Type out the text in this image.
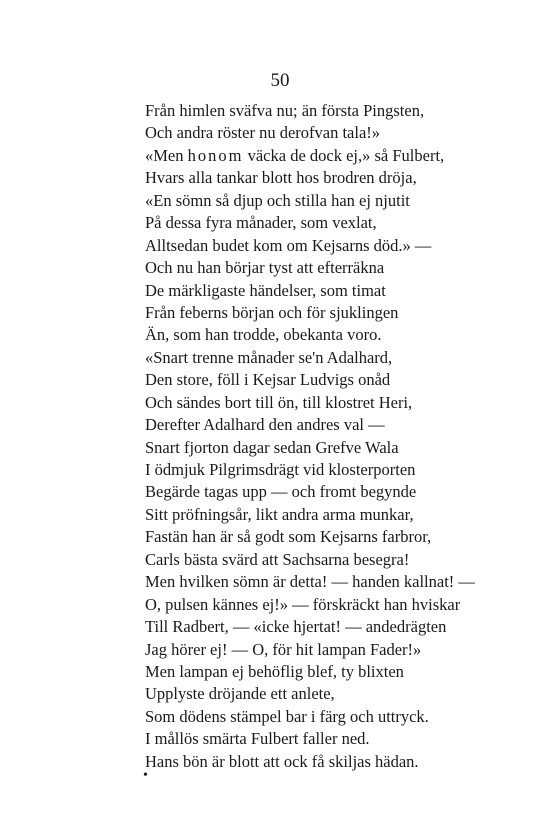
50
Från himlen sväfva nu; än första Pingsten,
Och andra röster nu derofvan tala!»
«Men honom väcka de dock ej,» så Fulbert,
Hvars alla tankar blott hos brodren dröja,
«En sömn så djup och stilla han ej njutit
På dessa fyra månader, som vexlat,
Alltsedan budet kom om Kejsarns död.» —
Och nu han börjar tyst att efterräkna
De märkligaste händelser, som timat
Från feberns början och för sjuklingen
Än, som han trodde, obekanta voro.
«Snart trenne månader se'n Adalhard,
Den store, föll i Kejsar Ludvigs onåd
Och sändes bort till ön, till klostret Heri,
Derefter Adalhard den andres val —
Snart fjorton dagar sedan Grefve Wala
I ödmjuk Pilgrimsdrägt vid klosterporten
Begärde tagas upp — och fromt begynde
Sitt pröfningsår, likt andra arma munkar,
Fastän han är så godt som Kejsarns farbror,
Carls bästa svärd att Sachsarna besegra!
Men hvilken sömn är detta! — handen kallnat! —
O, pulsen kännes ej!» — förskräckt han hviskar
Till Radbert, — «icke hjertat! — andedrägten
Jag hörer ej! — O, för hit lampan Fader!»
Men lampan ej behöflig blef, ty blixten
Upplyste dröjande ett anlete,
Som dödens stämpel bar i färg och uttryck.
I mållös smärta Fulbert faller ned.
Hans bön är blott att ock få skiljas hädan.
•
